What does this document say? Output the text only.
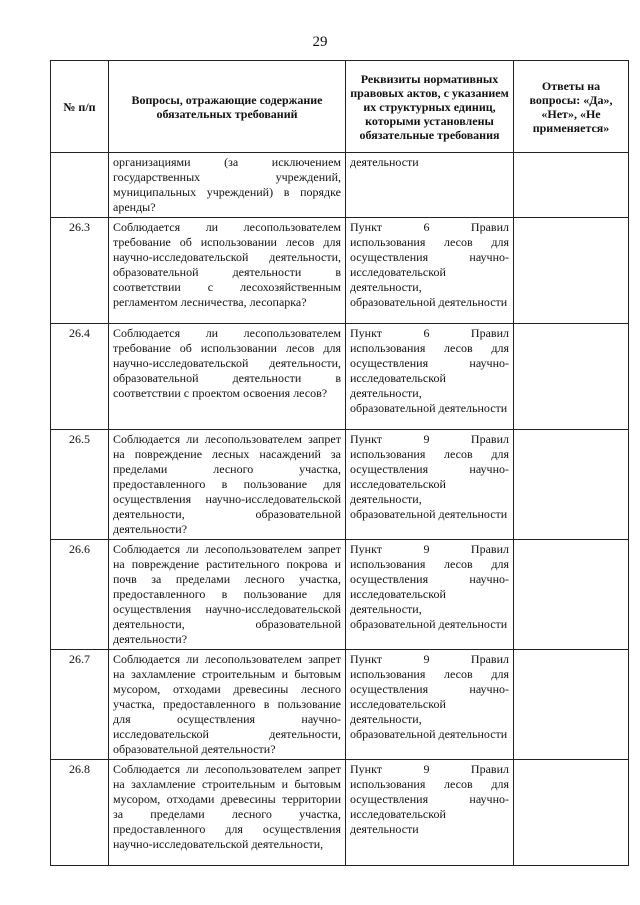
29
№ п/п	Вопросы, отражающие содержание обязательных требований	Реквизиты нормативных правовых актов, с указанием их структурных единиц, которыми установлены обязательные требования	Ответы на вопросы: «Да», «Нет», «Не применяется»
	организациями (за исключением государственных учреждений, муниципальных учреждений) в порядке аренды?	деятельности	
26.3	Соблюдается ли лесопользователем требование об использовании лесов для научно-исследовательской деятельности, образовательной деятельности в соответствии с лесохозяйственным регламентом лесничества, лесопарка?	Пункт 6 Правил использования лесов для осуществления научно-исследовательской деятельности, образовательной деятельности	
26.4	Соблюдается ли лесопользователем требование об использовании лесов для научно-исследовательской деятельности, образовательной деятельности в соответствии с проектом освоения лесов?	Пункт 6 Правил использования лесов для осуществления научно-исследовательской деятельности, образовательной деятельности	
26.5	Соблюдается ли лесопользователем запрет на повреждение лесных насаждений за пределами лесного участка, предоставленного в пользование для осуществления научно-исследовательской деятельности, образовательной деятельности?	Пункт 9 Правил использования лесов для осуществления научно-исследовательской деятельности, образовательной деятельности	
26.6	Соблюдается ли лесопользователем запрет на повреждение растительного покрова и почв за пределами лесного участка, предоставленного в пользование для осуществления научно-исследовательской деятельности, образовательной деятельности?	Пункт 9 Правил использования лесов для осуществления научно-исследовательской деятельности, образовательной деятельности	
26.7	Соблюдается ли лесопользователем запрет на захламление строительным и бытовым мусором, отходами древесины лесного участка, предоставленного в пользование для осуществления научно-исследовательской деятельности, образовательной деятельности?	Пункт 9 Правил использования лесов для осуществления научно-исследовательской деятельности, образовательной деятельности	
26.8	Соблюдается ли лесопользователем запрет на захламление строительным и бытовым мусором, отходами древесины территории за пределами лесного участка, предоставленного для осуществления научно-исследовательской деятельности,	Пункт 9 Правил использования лесов для осуществления научно-исследовательской деятельности	
